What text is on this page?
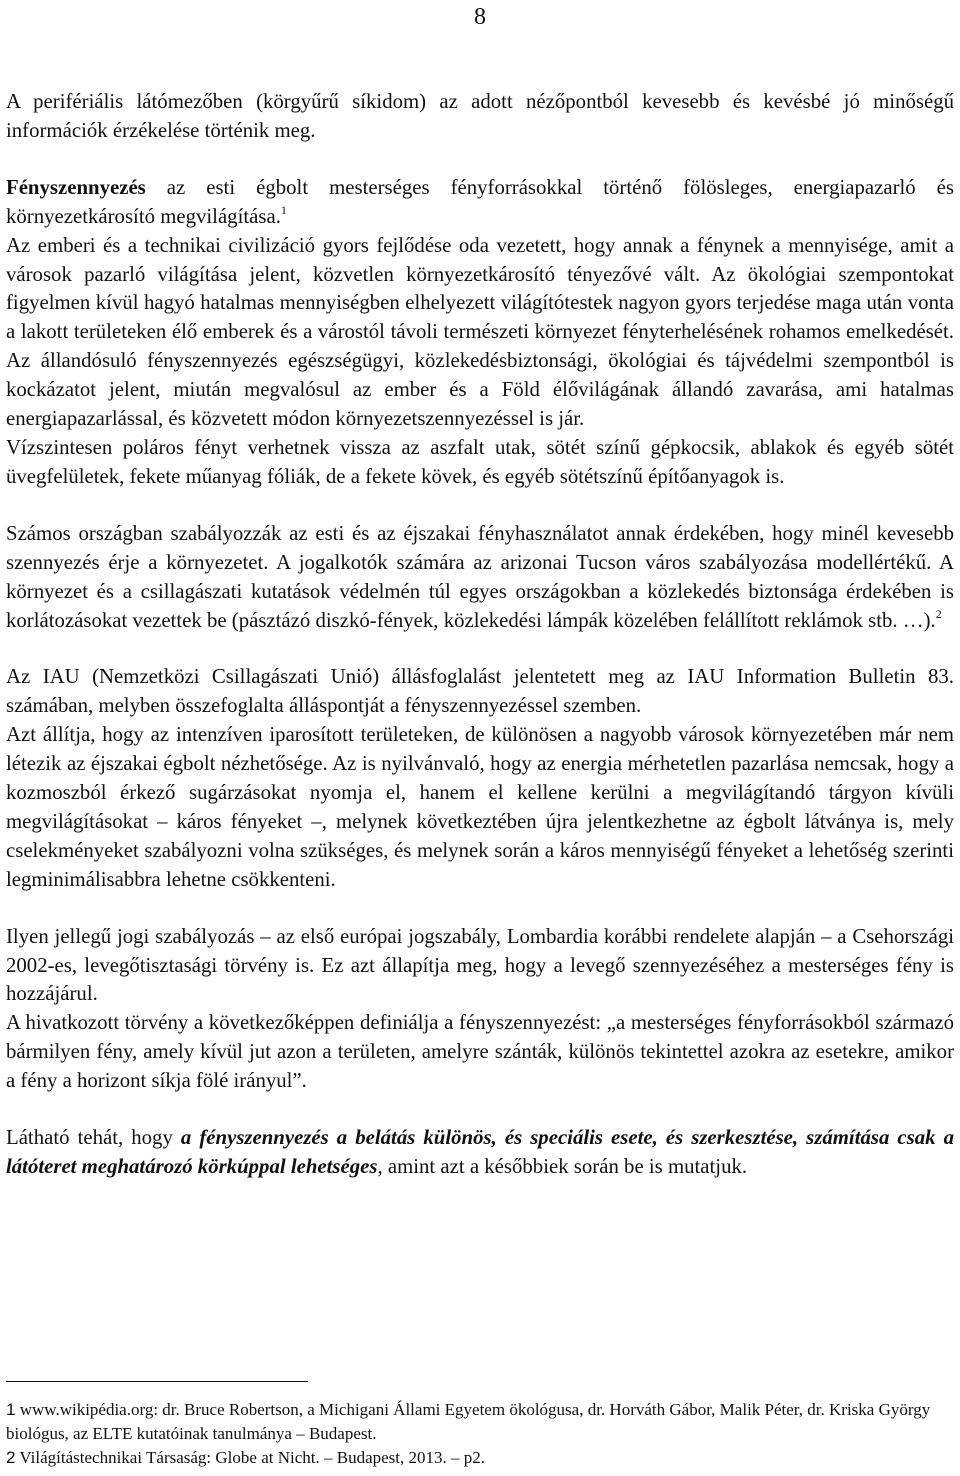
8

A perifériális látómezőben (körgyűrű síkidom) az adott nézőpontból kevesebb és kevésbé jó minőségű információk érzékelése történik meg.

Fényszennyezés az esti égbolt mesterséges fényforrásokkal történő fölösleges, energiapazarló és környezetkárosító megvilágítása.$^1$

Az emberi és a technikai civilizáció gyors fejlődése oda vezetett, hogy annak a fénynek a mennyisége, amit a városok pazarló világítása jelent, közvetlen környezetkárosító tényezővé vált. Az ökológiai szempontokat figyelmen kívül hagyó hatalmas mennyiségben elhelyezett világítótestek nagyon gyors terjedése maga után vonta a lakott területeken élő emberek és a várostól távoli természeti környezet fényterhelésének rohamos emelkedését. Az állandósuló fényszennyezés egészségügyi, közlekedésbiztonsági, ökológiai és tájvédelmi szempontból is kockázatot jelent, miután megvalósul az ember és a Föld élővilágának állandó zavarása, ami hatalmas energiapazarlással, és közvetett módon környezetszennyezéssel is jár.

Vízszintesen poláros fényt verhetnek vissza az aszfalt utak, sötét színű gépkocsik, ablakok és egyéb sötét üvegfelületek, fekete műanyag fóliák, de a fekete kövek, és egyéb sötétszínű építőanyagok is.

Számos országban szabályozzák az esti és az éjszakai fényhasználatot annak érdekében, hogy minél kevesebb szennyezés érje a környezetet. A jogalkotók számára az arizonai Tucson város szabályozása modellértékű. A környezet és a csillagászati kutatások védelmén túl egyes országokban a közlekedés biztonsága érdekében is korlátozásokat vezettek be (pásztázó diszkó-fények, közlekedési lámpák közelében felállított reklámok stb. …).$^2$

Az IAU (Nemzetközi Csillagászati Unió) állásfoglalást jelentetett meg az IAU Information Bulletin 83. számában, melyben összefoglalta álláspontját a fényszennyezéssel szemben.

Azt állítja, hogy az intenzíven iparosított területeken, de különösen a nagyobb városok környezetében már nem létezik az éjszakai égbolt nézhetősége. Az is nyilvánvaló, hogy az energia mérhetetlen pazarlása nemcsak, hogy a kozmoszból érkező sugárzásokat nyomja el, hanem el kellene kerülni a megvilágítandó tárgyon kívüli megvilágításokat – káros fényeket –, melynek következtében újra jelentkezhetne az égbolt látványa is, mely cselekményeket szabályozni volna szükséges, és melynek során a káros mennyiségű fényeket a lehetőség szerinti legminimálisabbra lehetne csökkenteni.

Ilyen jellegű jogi szabályozás – az első európai jogszabály, Lombardia korábbi rendelete alapján – a Csehországi 2002-es, levegőtisztasági törvény is. Ez azt állapítja meg, hogy a levegő szennyezéséhez a mesterséges fény is hozzájárul.

A hivatkozott törvény a következőképpen definiálja a fényszennyezést: „a mesterséges fényforrásokból származó bármilyen fény, amely kívül jut azon a területen, amelyre szánták, különös tekintettel azokra az esetekre, amikor a fény a horizont síkja fölé irányul”.

Látható tehát, hogy a fényszennyezés a belátás különös, és speciális esete, és szerkesztése, számítása csak a látóteret meghatározó körkúppal lehetséges, amint azt a későbbiek során be is mutatjuk.

1 www.wikipédia.org: dr. Bruce Robertson, a Michigani Állami Egyetem ökológusa, dr. Horváth Gábor, Malik Péter, dr. Kriska György biológus, az ELTE kutatóinak tanulmánya – Budapest.

2 Világítástechnikai Társaság: Globe at Nicht. – Budapest, 2013. – p2.
